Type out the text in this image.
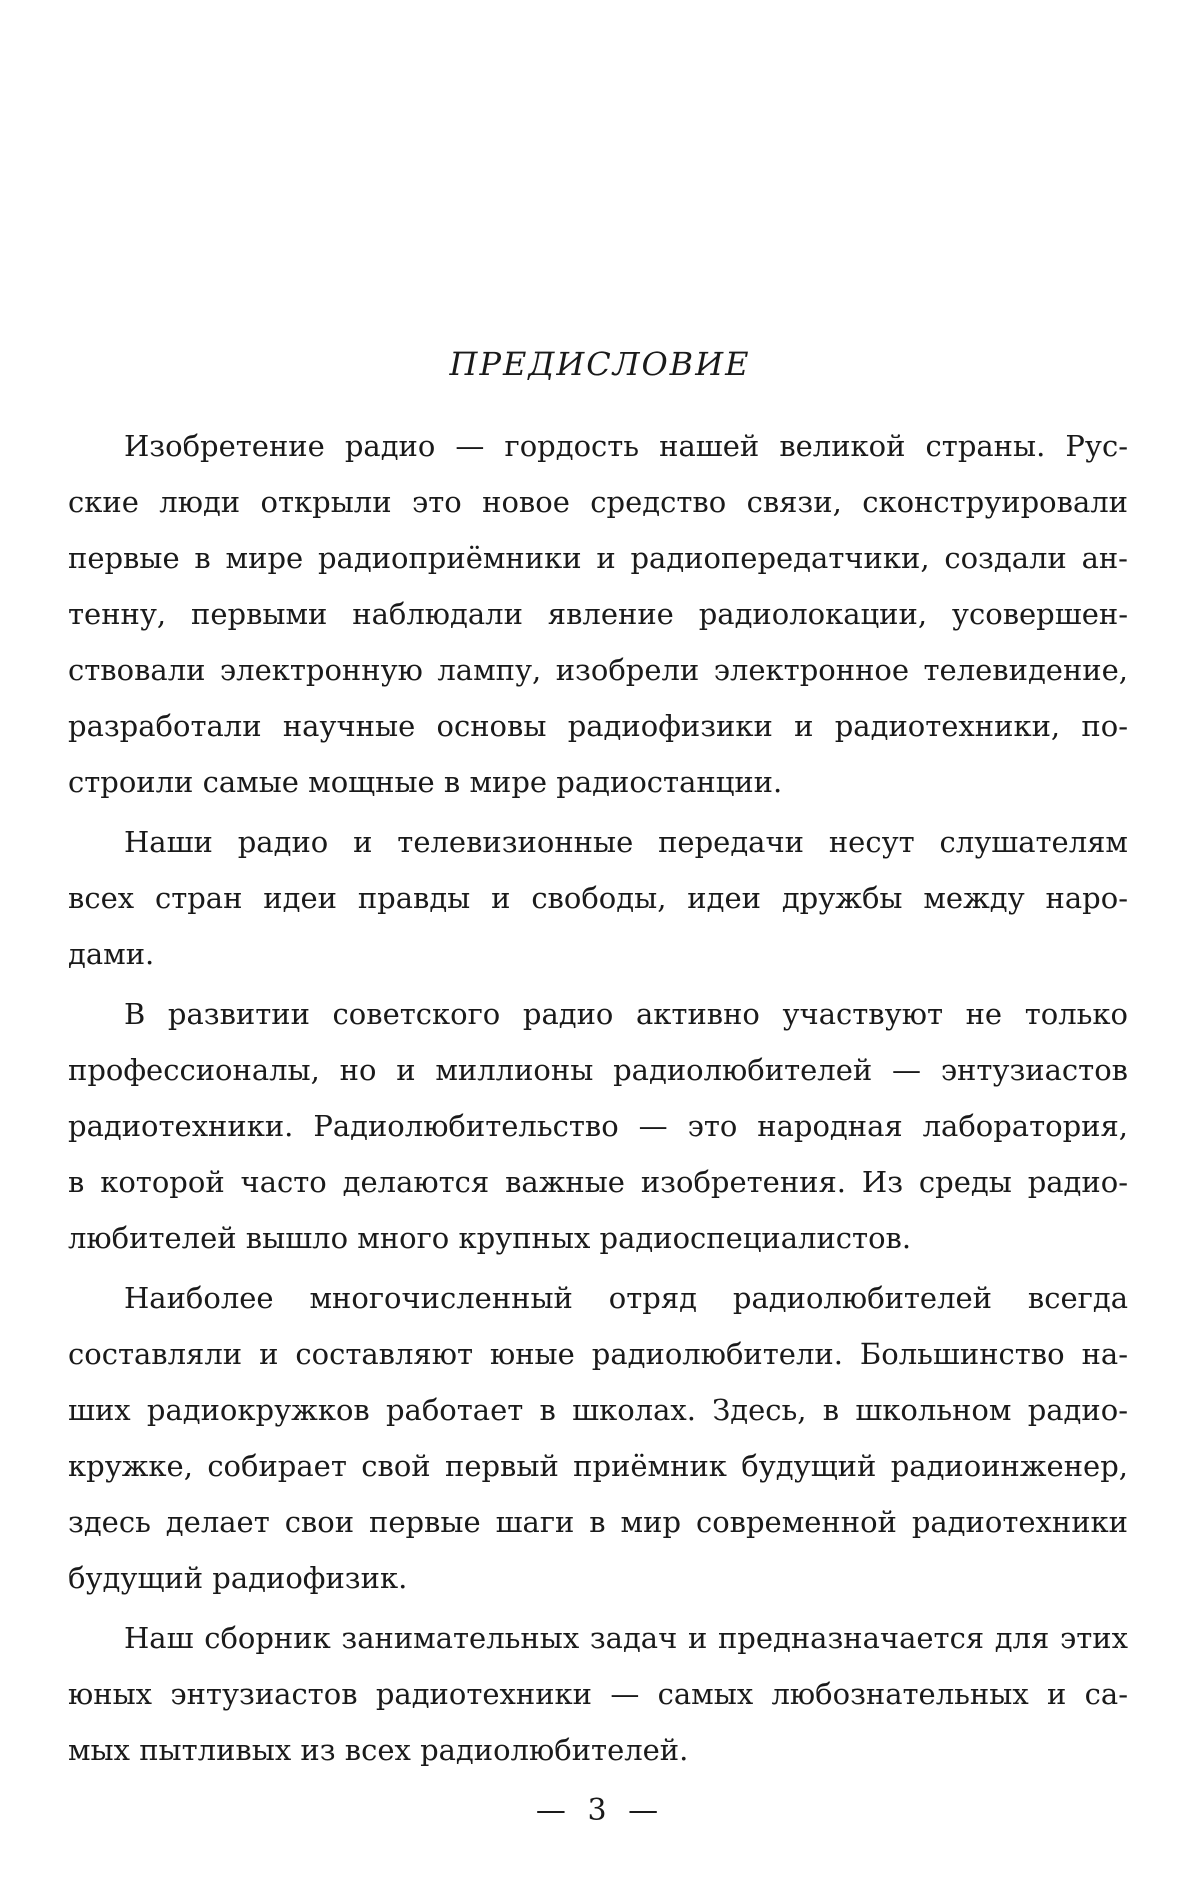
ПРЕДИСЛОВИЕ
Изобретение радио — гордость нашей великой страны. Рус-
ские люди открыли это новое средство связи, сконструировали
первые в мире радиоприёмники и радиопередатчики, создали ан-
тенну, первыми наблюдали явление радиолокации, усовершен-
ствовали электронную лампу, изобрели электронное телевидение,
разработали научные основы радиофизики и радиотехники, по-
строили самые мощные в мире радиостанции.
Наши радио и телевизионные передачи несут слушателям
всех стран идеи правды и свободы, идеи дружбы между наро-
дами.
В развитии советского радио активно участвуют не только
профессионалы, но и миллионы радиолюбителей — энтузиастов
радиотехники. Радиолюбительство — это народная лаборатория,
в которой часто делаются важные изобретения. Из среды радио-
любителей вышло много крупных радиоспециалистов.
Наиболее многочисленный отряд радиолюбителей всегда
составляли и составляют юные радиолюбители. Большинство на-
ших радиокружков работает в школах. Здесь, в школьном радио-
кружке, собирает свой первый приёмник будущий радиоинженер,
здесь делает свои первые шаги в мир современной радиотехники
будущий радиофизик.
Наш сборник занимательных задач и предназначается для этих
юных энтузиастов радиотехники — самых любознательных и са-
мых пытливых из всех радиолюбителей.
— 3 —
